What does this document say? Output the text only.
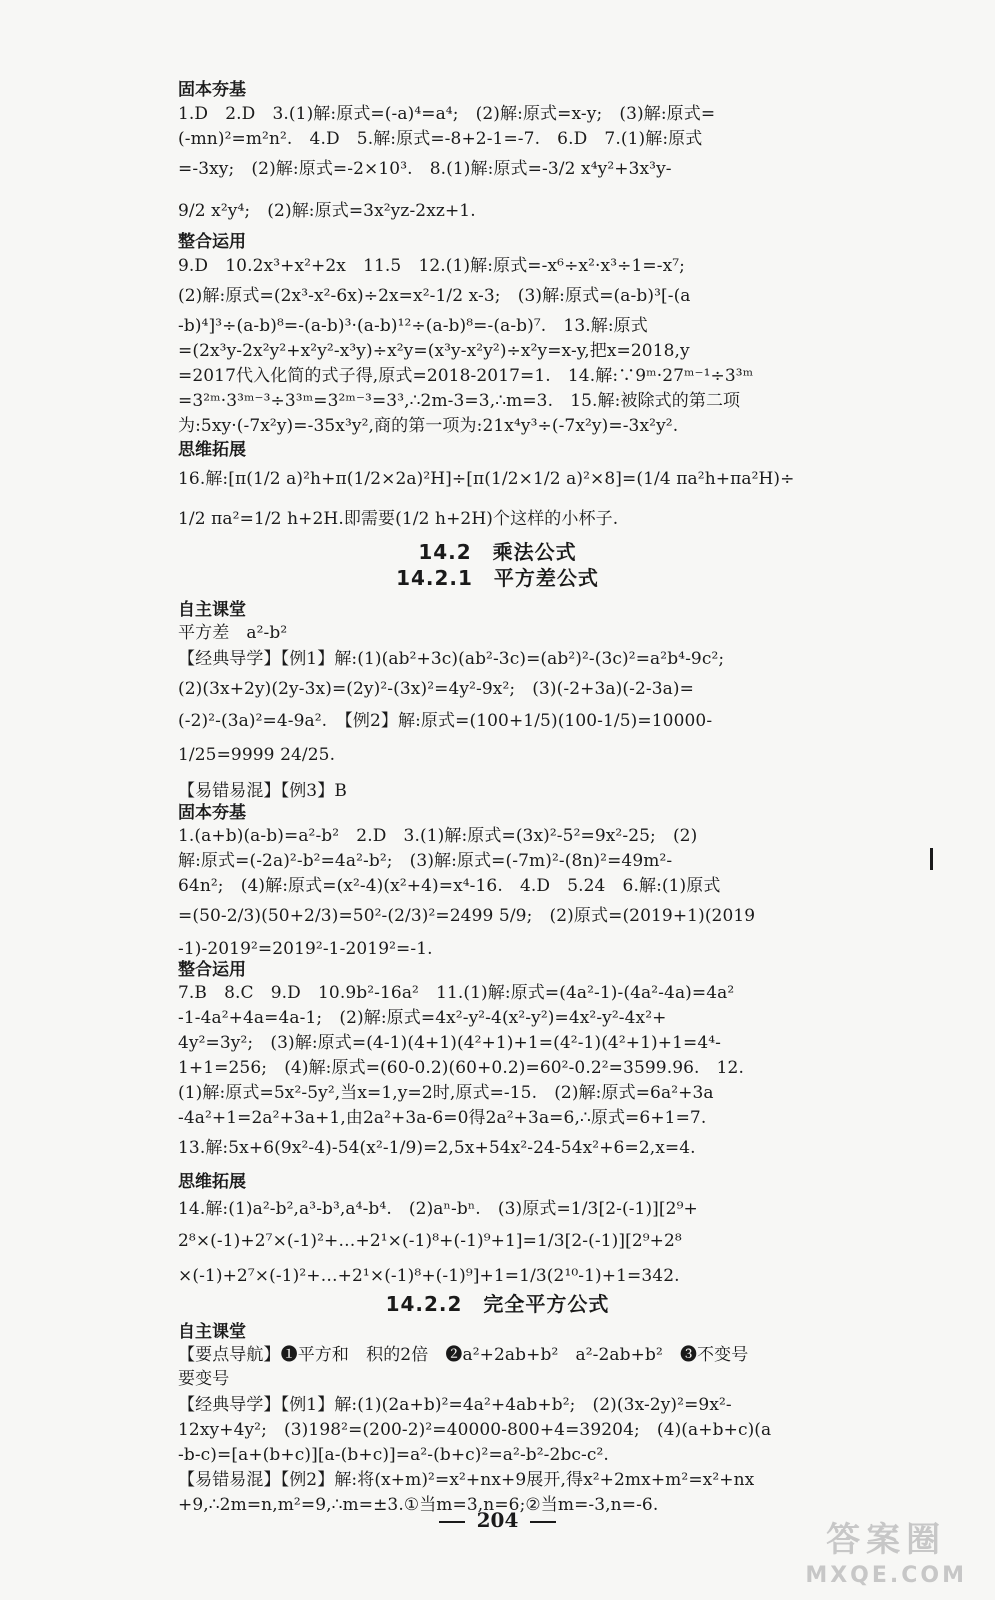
固本夯基
1.D　2.D　3.(1)解:原式=(-a)⁴=a⁴;　(2)解:原式=x-y;　(3)解:原式=
(-mn)²=m²n².　4.D　5.解:原式=-8+2-1=-7.　6.D　7.(1)解:原式
=-3xy;　(2)解:原式=-2×10³.　8.(1)解:原式=-3/2 x⁴y²+3x³y-
9/2 x²y⁴;　(2)解:原式=3x²yz-2xz+1.
整合运用
9.D　10.2x³+x²+2x　11.5　12.(1)解:原式=-x⁶÷x²·x³÷1=-x⁷;
(2)解:原式=(2x³-x²-6x)÷2x=x²-1/2 x-3;　(3)解:原式=(a-b)³[-(a
-b)⁴]³÷(a-b)⁸=-(a-b)³·(a-b)¹²÷(a-b)⁸=-(a-b)⁷.　13.解:原式
=(2x³y-2x²y²+x²y²-x³y)÷x²y=(x³y-x²y²)÷x²y=x-y,把x=2018,y
=2017代入化简的式子得,原式=2018-2017=1.　14.解:∵9ᵐ·27ᵐ⁻¹÷3³ᵐ
=3²ᵐ·3³ᵐ⁻³÷3³ᵐ=3²ᵐ⁻³=3³,∴2m-3=3,∴m=3.　15.解:被除式的第二项
为:5xy·(-7x²y)=-35x³y²,商的第一项为:21x⁴y³÷(-7x²y)=-3x²y².
思维拓展
16.解:[π(1/2 a)²h+π(1/2×2a)²H]÷[π(1/2×1/2 a)²×8]=(1/4 πa²h+πa²H)÷
1/2 πa²=1/2 h+2H.即需要(1/2 h+2H)个这样的小杯子.
14.2　乘法公式
14.2.1　平方差公式
自主课堂
平方差　a²-b²
【经典导学】【例1】解:(1)(ab²+3c)(ab²-3c)=(ab²)²-(3c)²=a²b⁴-9c²;
(2)(3x+2y)(2y-3x)=(2y)²-(3x)²=4y²-9x²;　(3)(-2+3a)(-2-3a)=
(-2)²-(3a)²=4-9a².　【例2】解:原式=(100+1/5)(100-1/5)=10000-
1/25=9999 24/25.
【易错易混】【例3】B
固本夯基
1.(a+b)(a-b)=a²-b²　2.D　3.(1)解:原式=(3x)²-5²=9x²-25;　(2)
解:原式=(-2a)²-b²=4a²-b²;　(3)解:原式=(-7m)²-(8n)²=49m²-
64n²;　(4)解:原式=(x²-4)(x²+4)=x⁴-16.　4.D　5.24　6.解:(1)原式
=(50-2/3)(50+2/3)=50²-(2/3)²=2499 5/9;　(2)原式=(2019+1)(2019
-1)-2019²=2019²-1-2019²=-1.
整合运用
7.B　8.C　9.D　10.9b²-16a²　11.(1)解:原式=(4a²-1)-(4a²-4a)=4a²
-1-4a²+4a=4a-1;　(2)解:原式=4x²-y²-4(x²-y²)=4x²-y²-4x²+
4y²=3y²;　(3)解:原式=(4-1)(4+1)(4²+1)+1=(4²-1)(4²+1)+1=4⁴-
1+1=256;　(4)解:原式=(60-0.2)(60+0.2)=60²-0.2²=3599.96.　12.
(1)解:原式=5x²-5y²,当x=1,y=2时,原式=-15.　(2)解:原式=6a²+3a
-4a²+1=2a²+3a+1,由2a²+3a-6=0得2a²+3a=6,∴原式=6+1=7.
13.解:5x+6(9x²-4)-54(x²-1/9)=2,5x+54x²-24-54x²+6=2,x=4.
思维拓展
14.解:(1)a²-b²,a³-b³,a⁴-b⁴.　(2)aⁿ-bⁿ.　(3)原式=1/3[2-(-1)][2⁹+
2⁸×(-1)+2⁷×(-1)²+…+2¹×(-1)⁸+(-1)⁹+1]=1/3[2-(-1)][2⁹+2⁸
×(-1)+2⁷×(-1)²+…+2¹×(-1)⁸+(-1)⁹]+1=1/3(2¹⁰-1)+1=342.
14.2.2　完全平方公式
自主课堂
【要点导航】❶平方和　积的2倍　❷a²+2ab+b²　a²-2ab+b²　❸不变号
要变号
【经典导学】【例1】解:(1)(2a+b)²=4a²+4ab+b²;　(2)(3x-2y)²=9x²-
12xy+4y²;　(3)198²=(200-2)²=40000-800+4=39204;　(4)(a+b+c)(a
-b-c)=[a+(b+c)][a-(b+c)]=a²-(b+c)²=a²-b²-2bc-c².
【易错易混】【例2】解:将(x+m)²=x²+nx+9展开,得x²+2mx+m²=x²+nx
+9,∴2m=n,m²=9,∴m=±3.①当m=3,n=6;②当m=-3,n=-6.
204	答案圈
MXQE.COM
